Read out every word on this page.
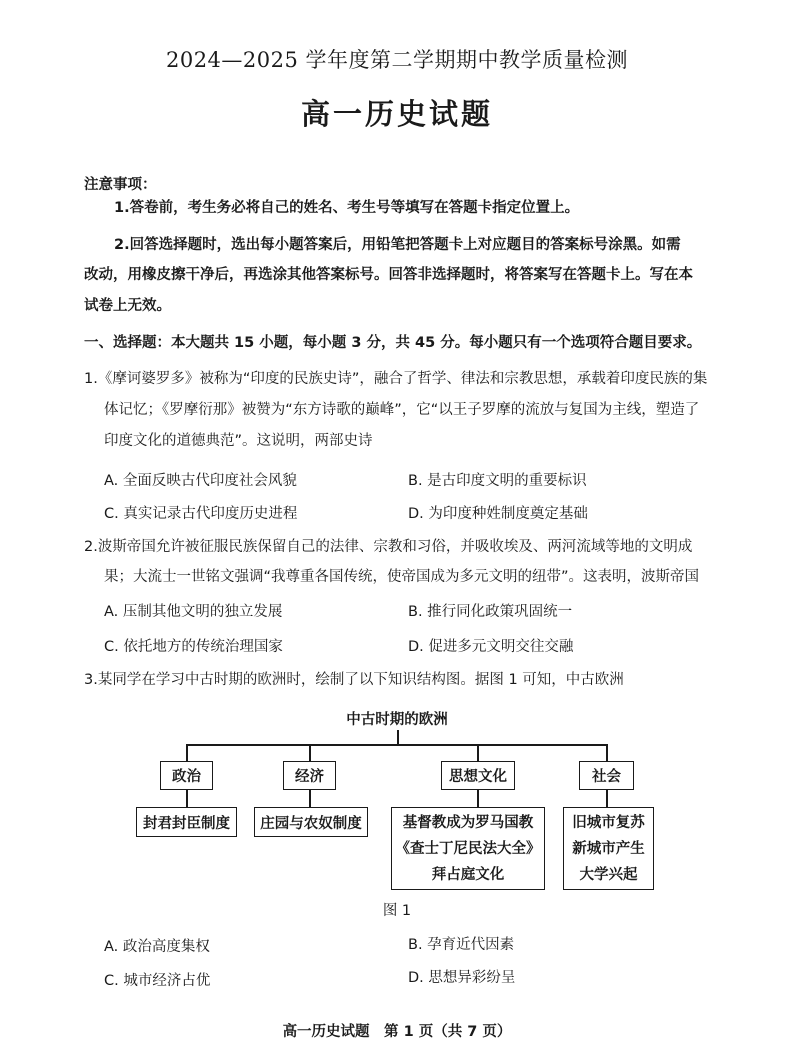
2024—2025 学年度第二学期期中教学质量检测
高一历史试题
注意事项：
1.答卷前，考生务必将自己的姓名、考生号等填写在答题卡指定位置上。
2.回答选择题时，选出每小题答案后，用铅笔把答题卡上对应题目的答案标号涂黑。如需
改动，用橡皮擦干净后，再选涂其他答案标号。回答非选择题时，将答案写在答题卡上。写在本
试卷上无效。
一、选择题：本大题共 15 小题，每小题 3 分，共 45 分。每小题只有一个选项符合题目要求。
1.《摩诃婆罗多》被称为“印度的民族史诗”，融合了哲学、律法和宗教思想，承载着印度民族的集
体记忆；《罗摩衍那》被赞为“东方诗歌的巅峰”，它“以王子罗摩的流放与复国为主线，塑造了
印度文化的道德典范”。这说明，两部史诗
A. 全面反映古代印度社会风貌	B. 是古印度文明的重要标识
C. 真实记录古代印度历史进程	D. 为印度种姓制度奠定基础
2.波斯帝国允许被征服民族保留自己的法律、宗教和习俗，并吸收埃及、两河流域等地的文明成
果；大流士一世铭文强调“我尊重各国传统，使帝国成为多元文明的纽带”。这表明，波斯帝国
A. 压制其他文明的独立发展	B. 推行同化政策巩固统一
C. 依托地方的传统治理国家	D. 促进多元文明交往交融
3.某同学在学习中古时期的欧洲时，绘制了以下知识结构图。据图 1 可知，中古欧洲
中古时期的欧洲
政治	经济	思想文化	社会
封君封臣制度	庄园与农奴制度	基督教成为罗马国教
《查士丁尼民法大全》
拜占庭文化
旧城市复苏
新城市产生
大学兴起
图 1
A. 政治高度集权	B. 孕育近代因素
C. 城市经济占优	D. 思想异彩纷呈
高一历史试题　第 1 页（共 7 页）
